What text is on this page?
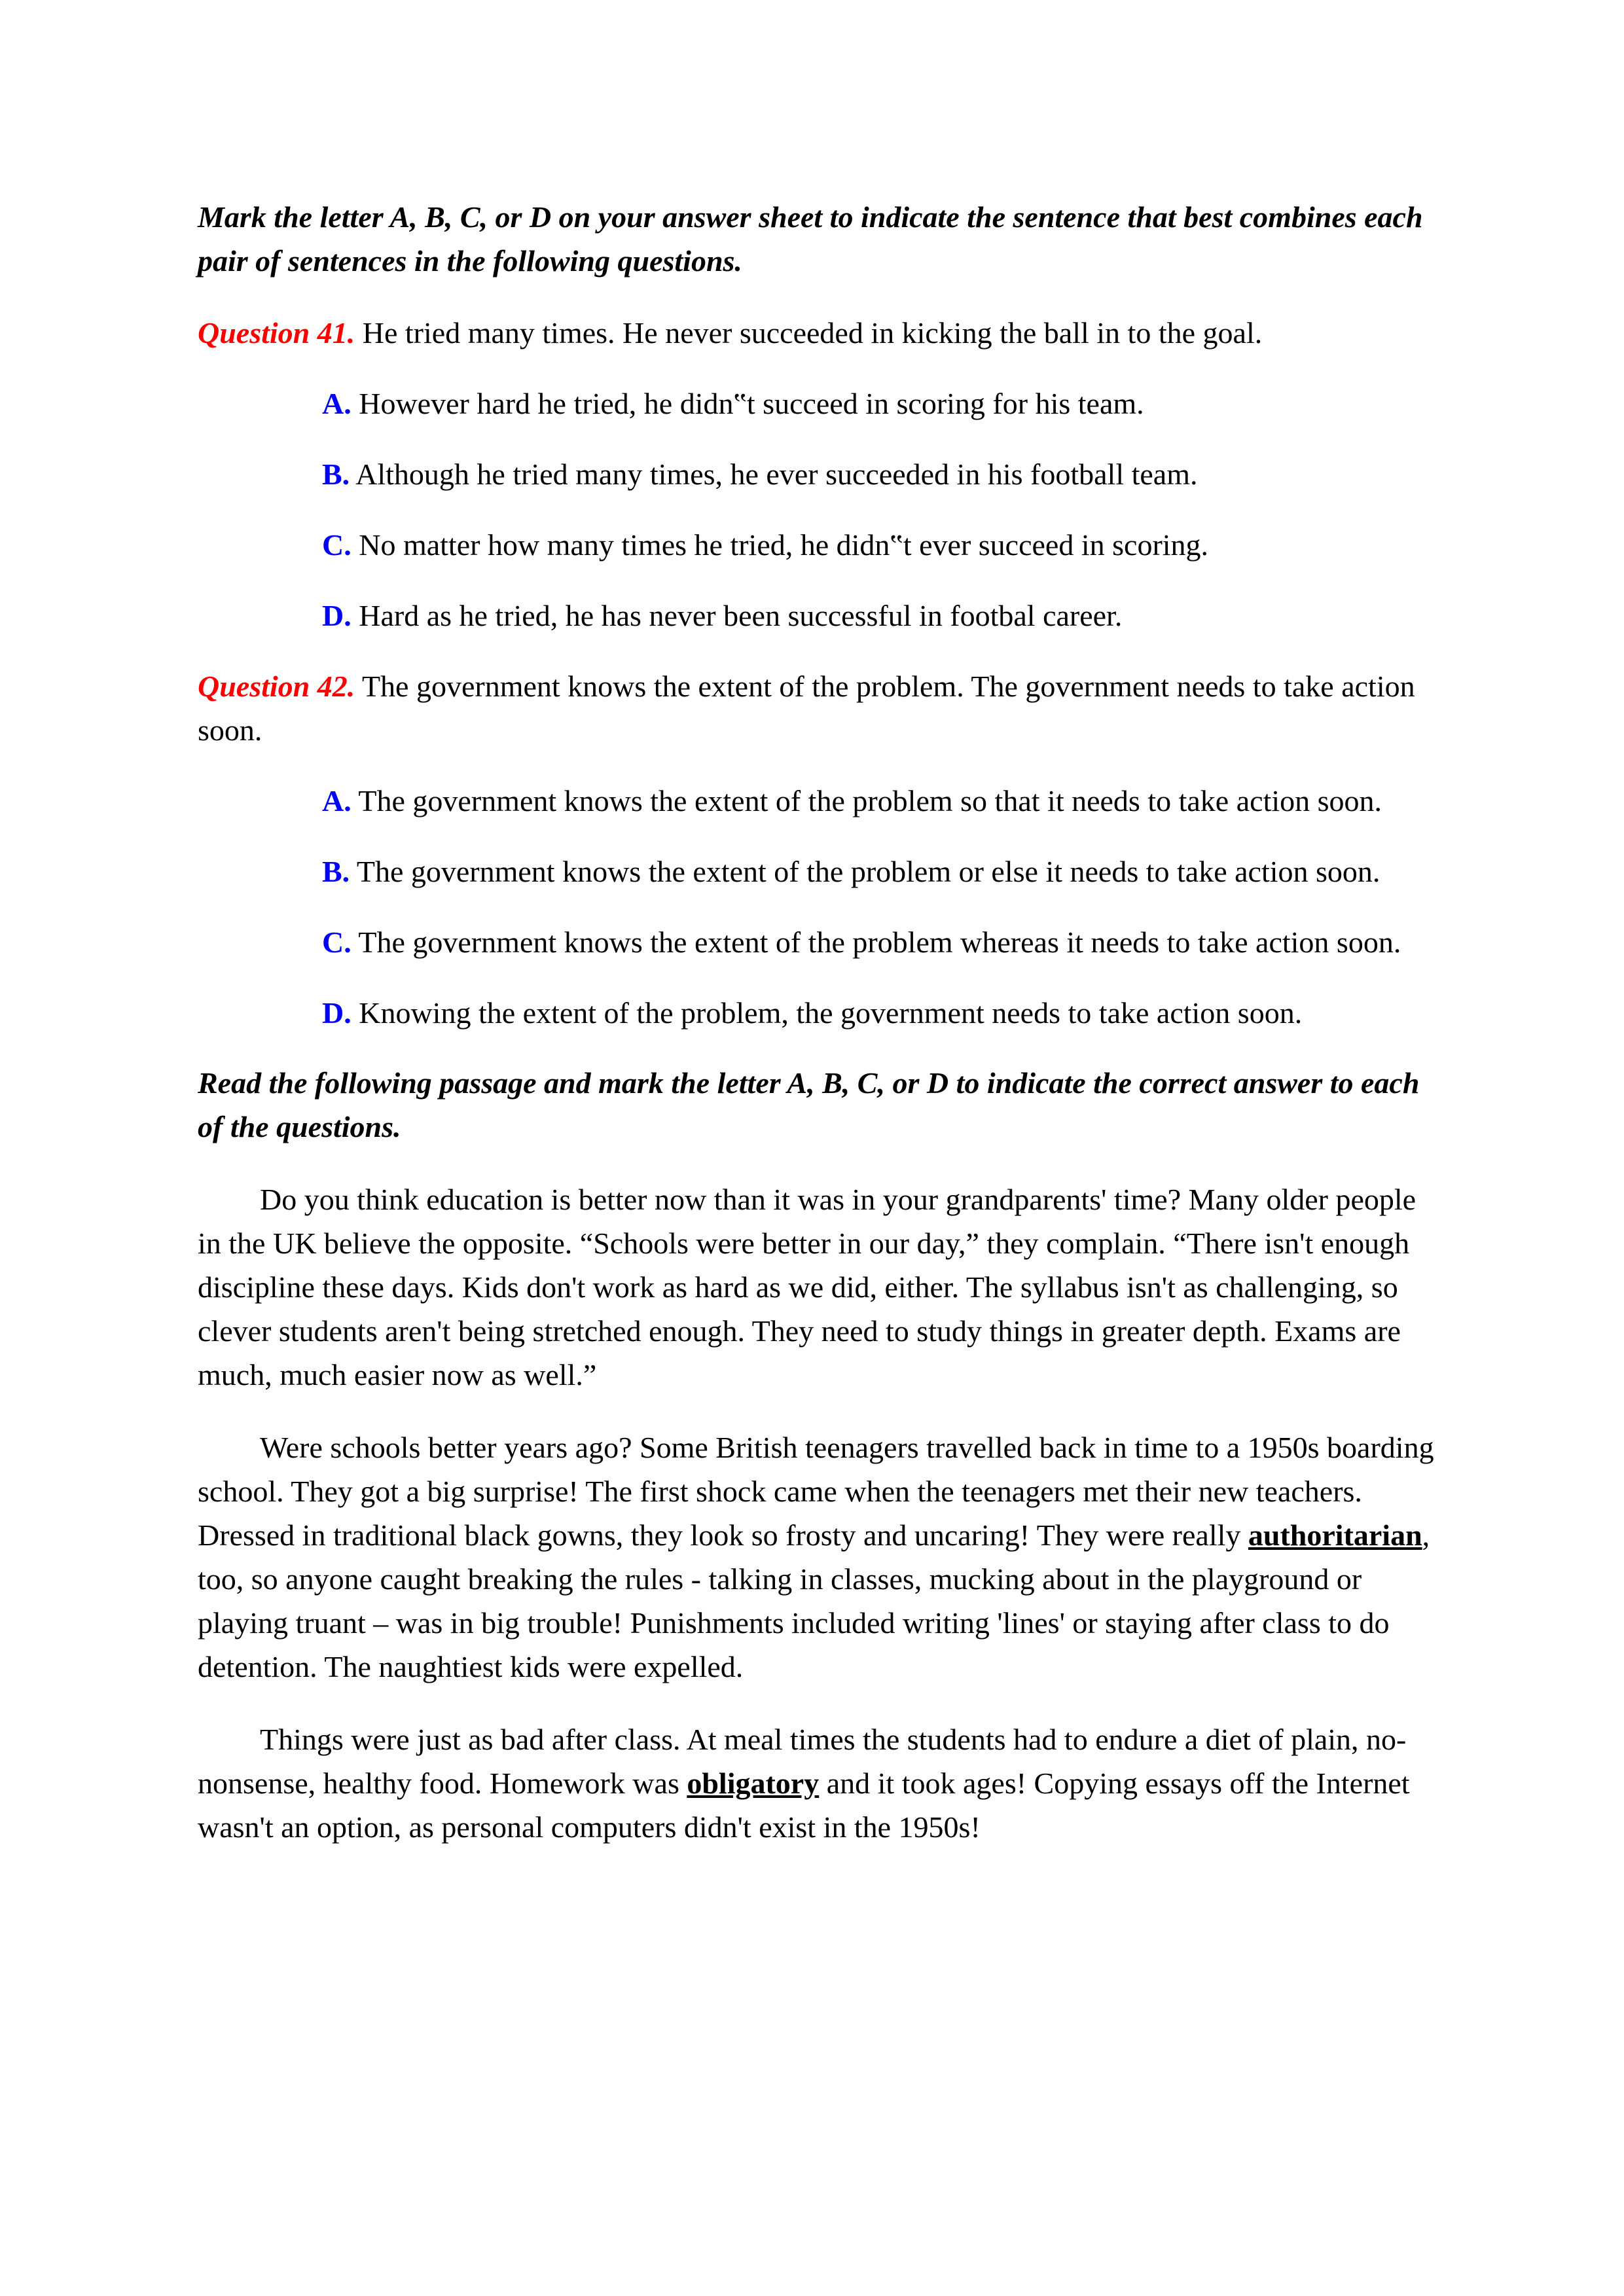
Mark the letter A, B, C, or D on your answer sheet to indicate the sentence that best combines each pair of sentences in the following questions.

Question 41. He tried many times. He never succeeded in kicking the ball in to the goal.

A. However hard he tried, he didn‟t succeed in scoring for his team.

B. Although he tried many times, he ever succeeded in his football team.

C. No matter how many times he tried, he didn‟t ever succeed in scoring.

D. Hard as he tried, he has never been successful in footbal career.

Question 42. The government knows the extent of the problem. The government needs to take action soon.

A. The government knows the extent of the problem so that it needs to take action soon.

B. The government knows the extent of the problem or else it needs to take action soon.

C. The government knows the extent of the problem whereas it needs to take action soon.

D. Knowing the extent of the problem, the government needs to take action soon.

Read the following passage and mark the letter A, B, C, or D to indicate the correct answer to each of the questions.

Do you think education is better now than it was in your grandparents' time? Many older people in the UK believe the opposite. “Schools were better in our day,” they complain. “There isn't enough discipline these days. Kids don't work as hard as we did, either. The syllabus isn't as challenging, so clever students aren't being stretched enough. They need to study things in greater depth. Exams are much, much easier now as well.”

Were schools better years ago? Some British teenagers travelled back in time to a 1950s boarding school. They got a big surprise! The first shock came when the teenagers met their new teachers. Dressed in traditional black gowns, they look so frosty and uncaring! They were really authoritarian, too, so anyone caught breaking the rules - talking in classes, mucking about in the playground or playing truant – was in big trouble! Punishments included writing 'lines' or staying after class to do detention. The naughtiest kids were expelled.

Things were just as bad after class. At meal times the students had to endure a diet of plain, no-nonsense, healthy food. Homework was obligatory and it took ages! Copying essays off the Internet wasn't an option, as personal computers didn't exist in the 1950s!
